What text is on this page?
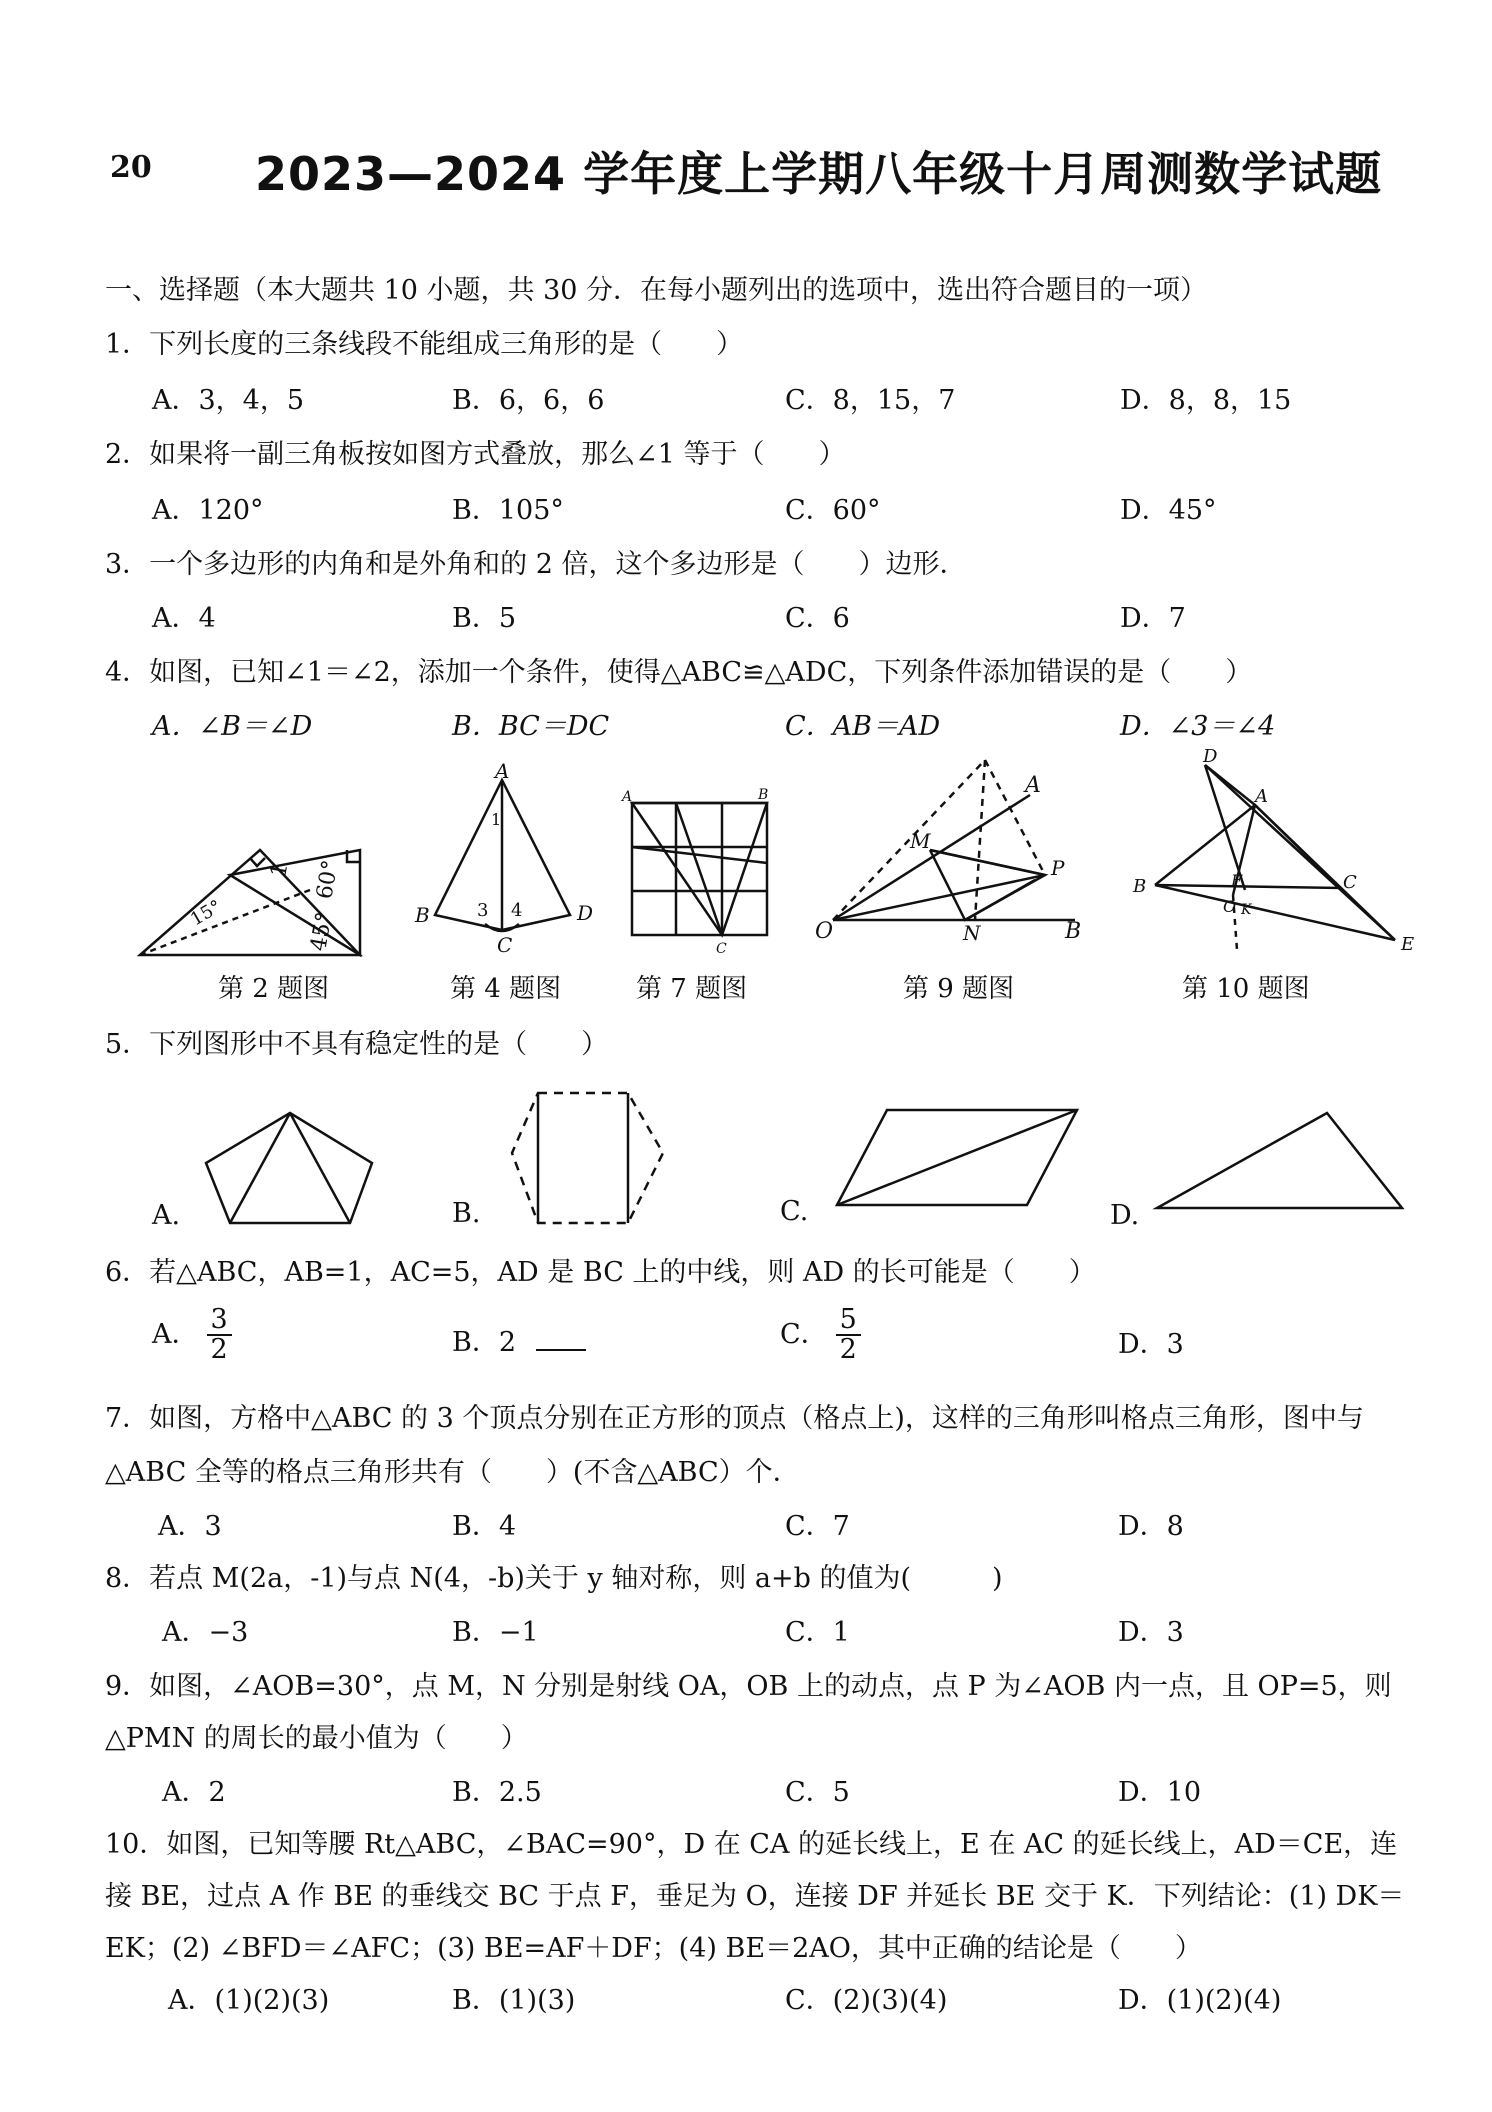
20 2023—2024 学年度上学期八年级十月周测数学试题
一、选择题（本大题共 10 小题，共 30 分．在每小题列出的选项中，选出符合题目的一项）
1．下列长度的三条线段不能组成三角形的是（　　）
A．3，4，5	B．6，6，6	C．8，15，7	D．8，8，15
2．如果将一副三角板按如图方式叠放，那么∠1 等于（　　）
A．120°	B．105°	C．60°	D．45°
3．一个多边形的内角和是外角和的 2 倍，这个多边形是（　　）边形．
A．4	B．5	C．6	D．7
4．如图，已知∠1＝∠2，添加一个条件，使得△ABC≌△ADC，下列条件添加错误的是（　　）
A．∠B＝∠D	B．BC＝DC	C．AB＝AD	D．∠3＝∠4
1 60°
45°
15°
第 2 题图
A
B
C
D
1
3 4
第 4 题图
A	B
C
第 7 题图
O
A
B
M
N
P
第 9 题图
D
A
B	C
E
F
O K
第 10 题图
5．下列图形中不具有稳定性的是（　　）
A.	B.	C.	D.
6．若△ABC，AB=1，AC=5，AD 是 BC 上的中线，则 AD 的长可能是（　　）
A． $\frac{3}{2}$	B．2	C． $\frac{5}{2}$	D．3
7．如图，方格中△ABC 的 3 个顶点分别在正方形的顶点（格点上)，这样的三角形叫格点三角形，图中与
△ABC 全等的格点三角形共有（　　）(不含△ABC）个．
A．3	B．4	C．7	D．8
8．若点 M(2a，-1)与点 N(4，-b)关于 y 轴对称，则 a+b 的值为(　　　)
A．−3	B．−1	C．1	D．3
9．如图，∠AOB=30°，点 M，N 分别是射线 OA，OB 上的动点，点 P 为∠AOB 内一点，且 OP=5，则
△PMN 的周长的最小值为（　　）
A．2	B．2.5	C．5	D．10
10．如图，已知等腰 Rt△ABC，∠BAC=90°，D 在 CA 的延长线上，E 在 AC 的延长线上，AD＝CE，连
接 BE，过点 A 作 BE 的垂线交 BC 于点 F，垂足为 O，连接 DF 并延长 BE 交于 K．下列结论：(1) DK＝
EK；(2) ∠BFD＝∠AFC；(3) BE=AF＋DF；(4) BE＝2AO，其中正确的结论是（　　）
A．(1)(2)(3)	B．(1)(3)	C．(2)(3)(4)	D．(1)(2)(4)
